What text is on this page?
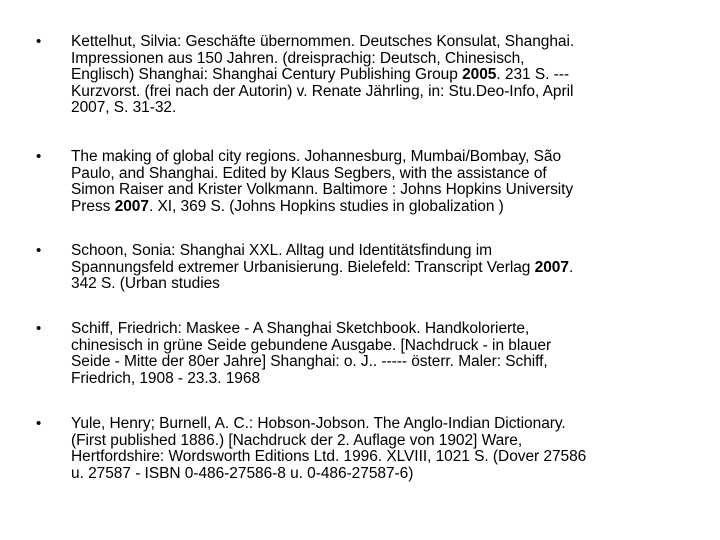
• Kettelhut, Silvia: Geschäfte übernommen. Deutsches Konsulat, Shanghai.
Impressionen aus 150 Jahren. (dreisprachig: Deutsch, Chinesisch,
Englisch) Shanghai: Shanghai Century Publishing Group 2005. 231 S. ---
Kurzvorst. (frei nach der Autorin) v. Renate Jährling, in: Stu.Deo-Info, April
2007, S. 31-32.
• The making of global city regions. Johannesburg, Mumbai/Bombay, São
Paulo, and Shanghai. Edited by Klaus Segbers, with the assistance of
Simon Raiser and Krister Volkmann. Baltimore : Johns Hopkins University
Press 2007. XI, 369 S. (Johns Hopkins studies in globalization )
• Schoon, Sonia: Shanghai XXL. Alltag und Identitätsfindung im
Spannungsfeld extremer Urbanisierung. Bielefeld: Transcript Verlag 2007.
342 S. (Urban studies
• Schiff, Friedrich: Maskee - A Shanghai Sketchbook. Handkolorierte,
chinesisch in grüne Seide gebundene Ausgabe. [Nachdruck - in blauer
Seide - Mitte der 80er Jahre] Shanghai: o. J.. ----- österr. Maler: Schiff,
Friedrich, 1908 - 23.3. 1968
• Yule, Henry; Burnell, A. C.: Hobson-Jobson. The Anglo-Indian Dictionary.
(First published 1886.) [Nachdruck der 2. Auflage von 1902] Ware,
Hertfordshire: Wordsworth Editions Ltd. 1996. XLVIII, 1021 S. (Dover 27586
u. 27587 - ISBN 0-486-27586-8 u. 0-486-27587-6)
